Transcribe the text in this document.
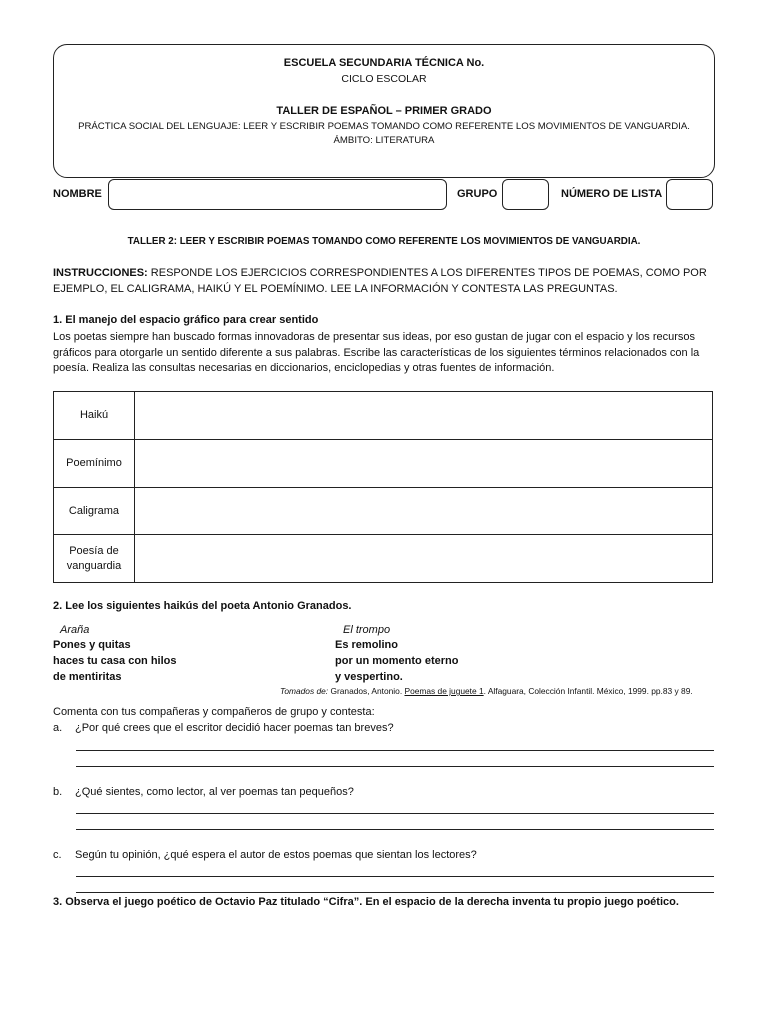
ESCUELA SECUNDARIA TÉCNICA No.
CICLO ESCOLAR
TALLER DE ESPAÑOL – PRIMER GRADO
PRÁCTICA SOCIAL DEL LENGUAJE: LEER Y ESCRIBIR POEMAS TOMANDO COMO REFERENTE LOS MOVIMIENTOS DE VANGUARDIA.
ÁMBITO: LITERATURA
NOMBRE	GRUPO	NÚMERO DE LISTA
TALLER 2: LEER Y ESCRIBIR POEMAS TOMANDO COMO REFERENTE LOS MOVIMIENTOS DE VANGUARDIA.
INSTRUCCIONES: RESPONDE LOS EJERCICIOS CORRESPONDIENTES A LOS DIFERENTES TIPOS DE POEMAS, COMO POR EJEMPLO, EL CALIGRAMA, HAIKÚ Y EL POEMÍNIMO. LEE LA INFORMACIÓN Y CONTESTA LAS PREGUNTAS.
1. El manejo del espacio gráfico para crear sentido
Los poetas siempre han buscado formas innovadoras de presentar sus ideas, por eso gustan de jugar con el espacio y los recursos gráficos para otorgarle un sentido diferente a sus palabras. Escribe las características de los siguientes términos relacionados con la poesía. Realiza las consultas necesarias en diccionarios, enciclopedias y otras fuentes de información.
Haikú	
Poemínimo	
Caligrama	
Poesía de vanguardia	
2. Lee los siguientes haikús del poeta Antonio Granados.
Araña
Pones y quitas
haces tu casa con hilos
de mentiritas
El trompo
Es remolino
por un momento eterno
y vespertino.
Tomados de: Granados, Antonio. Poemas de juguete 1. Alfaguara, Colección Infantil. México, 1999. pp.83 y 89.
Comenta con tus compañeras y compañeros de grupo y contesta:
a. ¿Por qué crees que el escritor decidió hacer poemas tan breves?
b. ¿Qué sientes, como lector, al ver poemas tan pequeños?
c. Según tu opinión, ¿qué espera el autor de estos poemas que sientan los lectores?
3. Observa el juego poético de Octavio Paz titulado “Cifra”. En el espacio de la derecha inventa tu propio juego poético.
